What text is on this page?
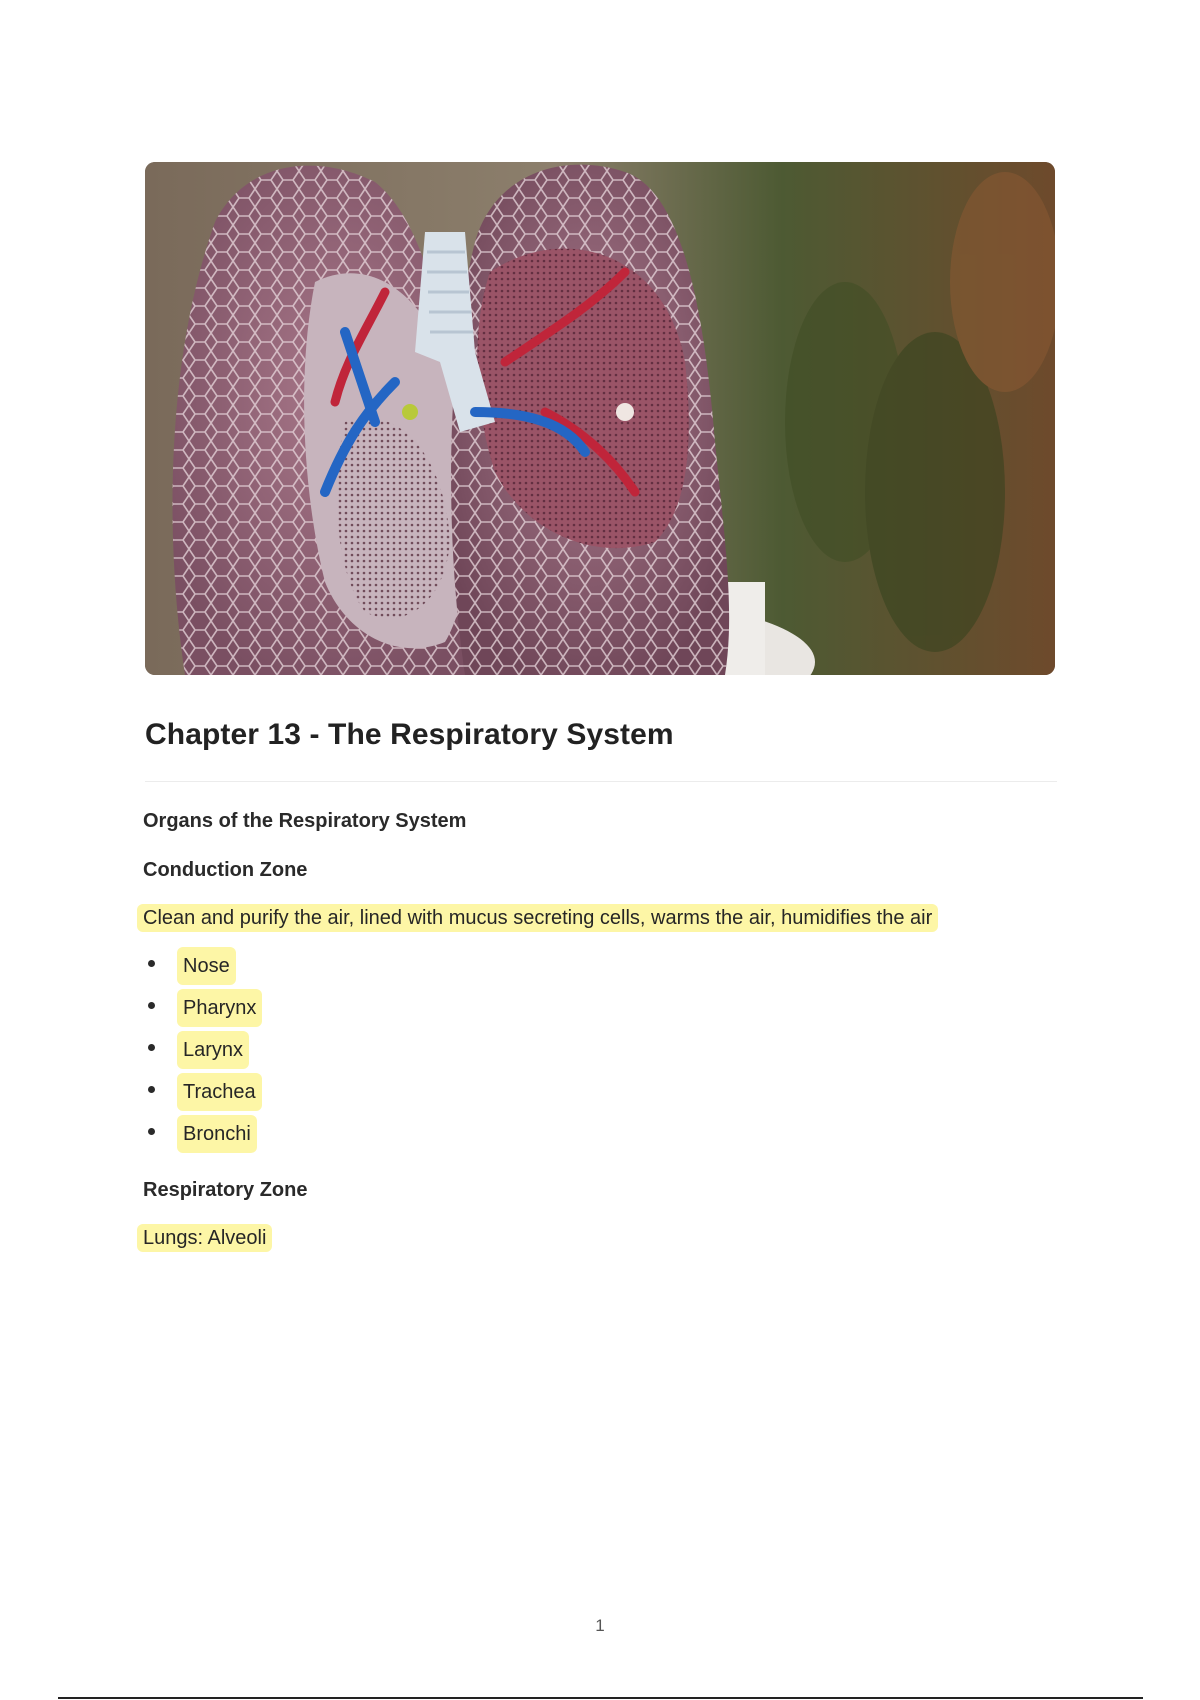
Chapter 13 - The Respiratory System
Organs of the Respiratory System
Conduction Zone

Clean and purify the air, lined with mucus secreting cells, warms the air, humidifies the air

Nose
Pharynx
Larynx
Trachea
Bronchi
Respiratory Zone

Lungs: Alveoli

1
